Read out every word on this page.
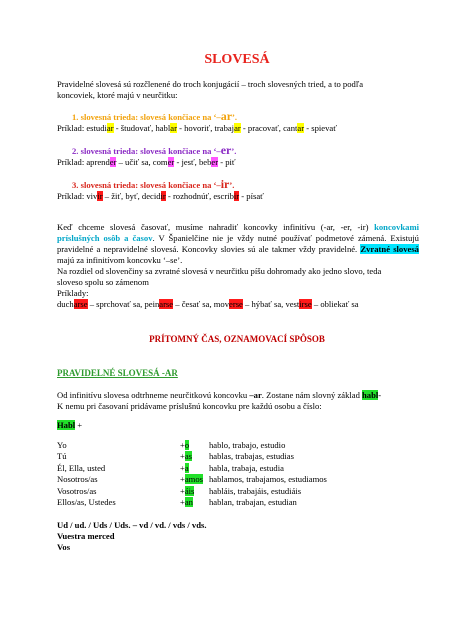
SLOVESÁ
Pravidelné slovesá sú rozčlenené do troch konjugácií – troch slovesných tried, a to podľa
koncoviek, ktoré majú v neurčitku:
1. slovesná trieda: slovesá končiace na ‘–ar’.
Príklad: estudiar - študovať, hablar - hovoriť, trabajar - pracovať, cantar - spievať
2. slovesná trieda: slovesá končiace na ‘–er’.
Príklad: aprender – učiť sa, comer - jesť, beber - piť
3. slovesná trieda: slovesá končiace na ‘–ir’.
Príklad: vivir – žiť, byť, decidir - rozhodnúť, escribir - písať
Keď chceme slovesá časovať, musíme nahradiť koncovky infinitívu (-ar, -er, -ir) koncovkami príslušných osôb a časov. V Španielčine nie je vždy nutné používať podmetové zámená. Existujú pravidelné a nepravidelné slovesá. Koncovky slovies sú ale takmer vždy pravidelné. Zvratné slovesá majú za infinitívom koncovku ‘–se’.
Na rozdiel od slovenčiny sa zvratné slovesá v neurčitku píšu dohromady ako jedno slovo, teda
sloveso spolu so zámenom
Príklady:
ducharse – sprchovať sa, peinarse – česať sa, moverse – hýbať sa, vestirse – obliekať sa
PRÍTOMNÝ ČAS, OZNAMOVACÍ SPÔSOB
PRAVIDELNÉ SLOVESÁ -AR
Od infinitívu slovesa odtrhneme neurčitkovú koncovku –ar. Zostane nám slovný základ habl-
K nemu pri časovaní pridávame príslušnú koncovku pre každú osobu a číslo:
Habl +
Yo	+o	hablo, trabajo, estudio
Tú	+as	hablas, trabajas, estudias
Él, Ella, usted	+a	habla, trabaja, estudia
Nosotros/as	+amos hablamos, trabajamos, estudiamos
Vosotros/as	+áis	habláis, trabajáis, estudiáis
Ellos/as, Ustedes	+an	hablan, trabajan, estudian
Ud / ud. / Uds / Uds. – vd / vd. / vds / vds.
Vuestra merced
Vos
